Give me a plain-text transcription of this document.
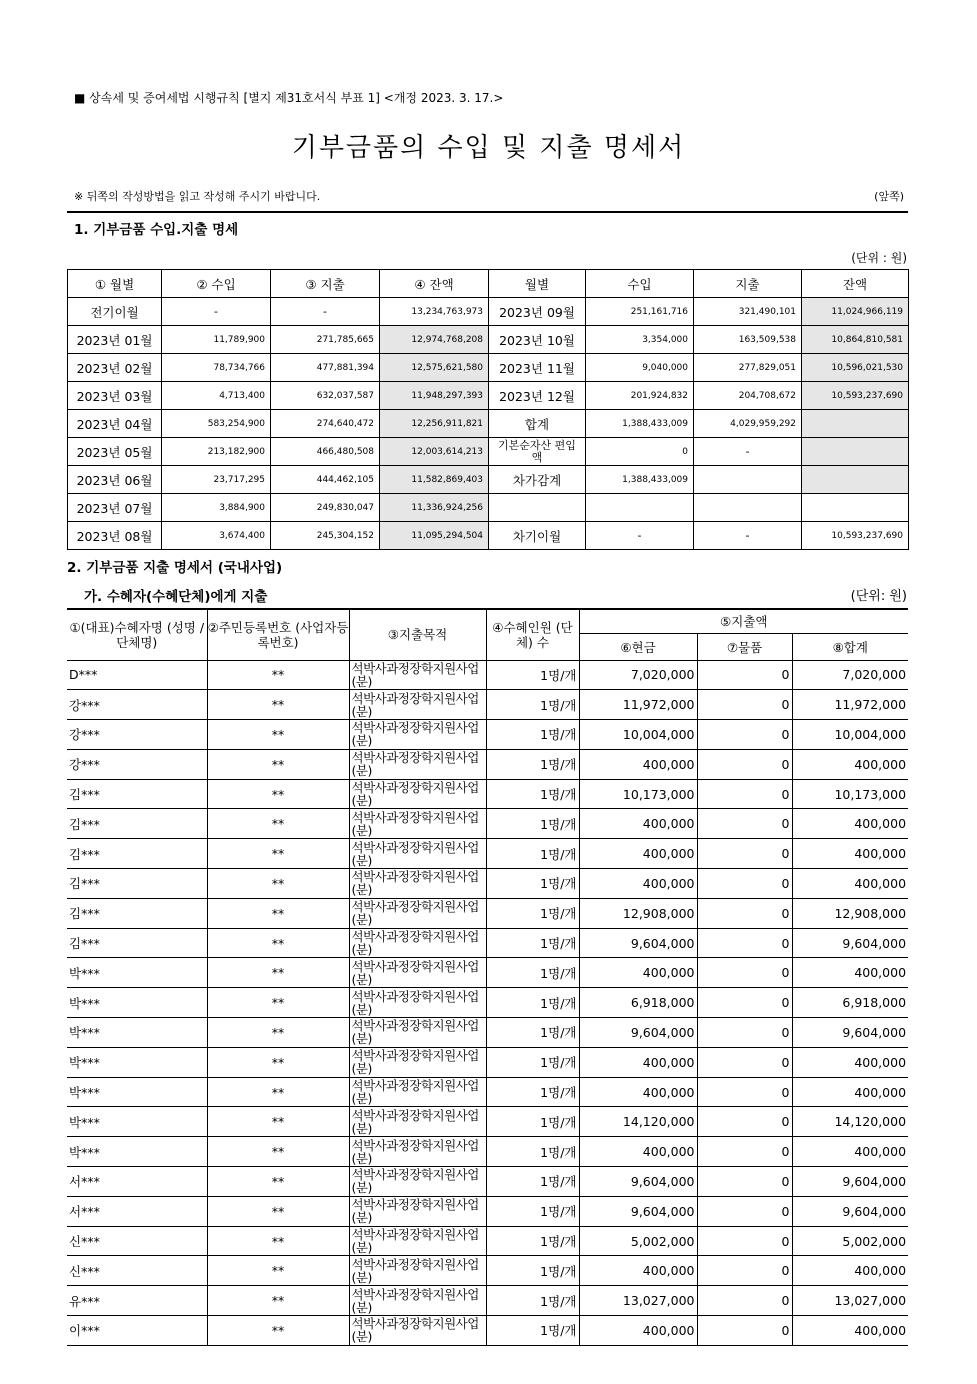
■ 상속세 및 증여세법 시행규칙 [별지 제31호서식 부표 1] <개정 2023. 3. 17.>
기부금품의 수입 및 지출 명세서
※ 뒤쪽의 작성방법을 읽고 작성해 주시기 바랍니다.	(앞쪽)
1. 기부금품 수입.지출 명세
(단위 : 원)
① 월별	② 수입	③ 지출	④ 잔액	월별	수입	지출	잔액
전기이월	-	-	13,234,763,973	2023년 09월	251,161,716	321,490,101	11,024,966,119
2023년 01월	11,789,900	271,785,665	12,974,768,208	2023년 10월	3,354,000	163,509,538	10,864,810,581
2023년 02월	78,734,766	477,881,394	12,575,621,580	2023년 11월	9,040,000	277,829,051	10,596,021,530
2023년 03월	4,713,400	632,037,587	11,948,297,393	2023년 12월	201,924,832	204,708,672	10,593,237,690
2023년 04월	583,254,900	274,640,472	12,256,911,821	합계	1,388,433,009	4,029,959,292	
2023년 05월	213,182,900	466,480,508	12,003,614,213	기본순자산 편입액	0	-	
2023년 06월	23,717,295	444,462,105	11,582,869,403	차가감계	1,388,433,009		
2023년 07월	3,884,900	249,830,047	11,336,924,256				
2023년 08월	3,674,400	245,304,152	11,095,294,504	차기이월	-	-	10,593,237,690
2. 기부금품 지출 명세서 (국내사업)
가. 수혜자(수혜단체)에게 지출	(단위: 원)
①(대표)수혜자명 (성명 / 단체명)	②주민등록번호 (사업자등록번호)	③지출목적	④수혜인원 (단체) 수	⑤지출액		
				⑥현금	⑦물품	⑧합계
D***	**	석박사과정장학지원사업(분)	1명/개	7,020,000	0	7,020,000
강***	**	석박사과정장학지원사업(분)	1명/개	11,972,000	0	11,972,000
강***	**	석박사과정장학지원사업(분)	1명/개	10,004,000	0	10,004,000
강***	**	석박사과정장학지원사업(분)	1명/개	400,000	0	400,000
김***	**	석박사과정장학지원사업(분)	1명/개	10,173,000	0	10,173,000
김***	**	석박사과정장학지원사업(분)	1명/개	400,000	0	400,000
김***	**	석박사과정장학지원사업(분)	1명/개	400,000	0	400,000
김***	**	석박사과정장학지원사업(분)	1명/개	400,000	0	400,000
김***	**	석박사과정장학지원사업(분)	1명/개	12,908,000	0	12,908,000
김***	**	석박사과정장학지원사업(분)	1명/개	9,604,000	0	9,604,000
박***	**	석박사과정장학지원사업(분)	1명/개	400,000	0	400,000
박***	**	석박사과정장학지원사업(분)	1명/개	6,918,000	0	6,918,000
박***	**	석박사과정장학지원사업(분)	1명/개	9,604,000	0	9,604,000
박***	**	석박사과정장학지원사업(분)	1명/개	400,000	0	400,000
박***	**	석박사과정장학지원사업(분)	1명/개	400,000	0	400,000
박***	**	석박사과정장학지원사업(분)	1명/개	14,120,000	0	14,120,000
박***	**	석박사과정장학지원사업(분)	1명/개	400,000	0	400,000
서***	**	석박사과정장학지원사업(분)	1명/개	9,604,000	0	9,604,000
서***	**	석박사과정장학지원사업(분)	1명/개	9,604,000	0	9,604,000
신***	**	석박사과정장학지원사업(분)	1명/개	5,002,000	0	5,002,000
신***	**	석박사과정장학지원사업(분)	1명/개	400,000	0	400,000
유***	**	석박사과정장학지원사업(분)	1명/개	13,027,000	0	13,027,000
이***	**	석박사과정장학지원사업(분)	1명/개	400,000	0	400,000
